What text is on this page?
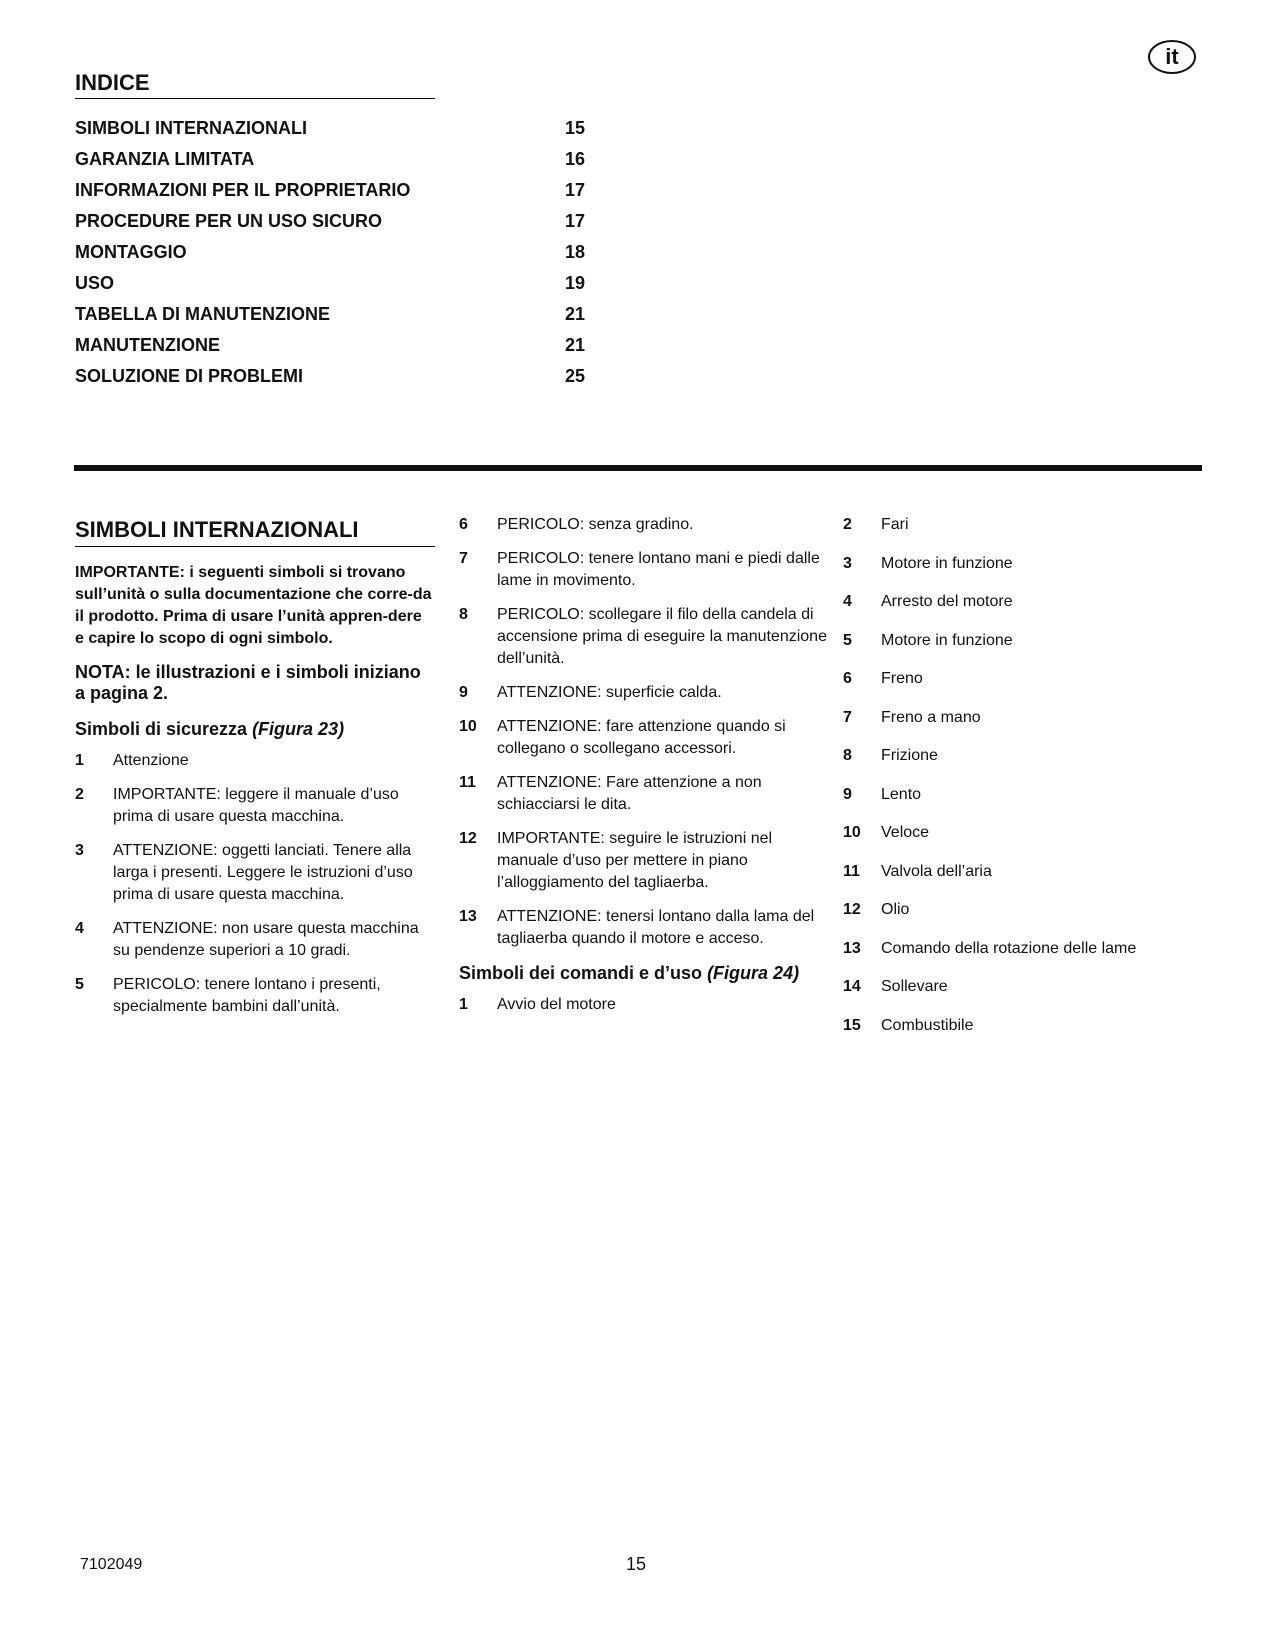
it
INDICE
SIMBOLI INTERNAZIONALI	15
GARANZIA LIMITATA	16
INFORMAZIONI PER IL PROPRIETARIO	17
PROCEDURE PER UN USO SICURO	17
MONTAGGIO	18
USO	19
TABELLA DI MANUTENZIONE	21
MANUTENZIONE	21
SOLUZIONE DI PROBLEMI	25
SIMBOLI INTERNAZIONALI

IMPORTANTE: i seguenti simboli si trovano sull’unità o sulla documentazione che corre-da il prodotto. Prima di usare l’unità appren-dere e capire lo scopo di ogni simbolo.

NOTA: le illustrazioni e i simboli iniziano a pagina 2.

Simboli di sicurezza (Figura 23)
1	Attenzione
2	IMPORTANTE: leggere il manuale d’uso prima di usare questa macchina.
3	ATTENZIONE: oggetti lanciati. Tenere alla larga i presenti. Leggere le istruzioni d’uso prima di usare questa macchina.
4	ATTENZIONE: non usare questa macchina su pendenze superiori a 10 gradi.
5	PERICOLO: tenere lontano i presenti, specialmente bambini dall’unità.
6	PERICOLO: senza gradino.
7	PERICOLO: tenere lontano mani e piedi dalle lame in movimento.
8	PERICOLO: scollegare il filo della candela di accensione prima di eseguire la manutenzione dell’unità.
9	ATTENZIONE: superficie calda.
10	ATTENZIONE: fare attenzione quando si collegano o scollegano accessori.
11	ATTENZIONE: Fare attenzione a non schiacciarsi le dita.
12	IMPORTANTE: seguire le istruzioni nel manuale d’uso per mettere in piano l’alloggiamento del tagliaerba.
13	ATTENZIONE: tenersi lontano dalla lama del tagliaerba quando il motore e acceso.
Simboli dei comandi e d’uso (Figura 24)
1	Avvio del motore
2	Fari
3	Motore in funzione
4	Arresto del motore
5	Motore in funzione
6	Freno
7	Freno a mano
8	Frizione
9	Lento
10	Veloce
11	Valvola dell’aria
12	Olio
13	Comando della rotazione delle lame
14	Sollevare
15	Combustibile
7102049	15
